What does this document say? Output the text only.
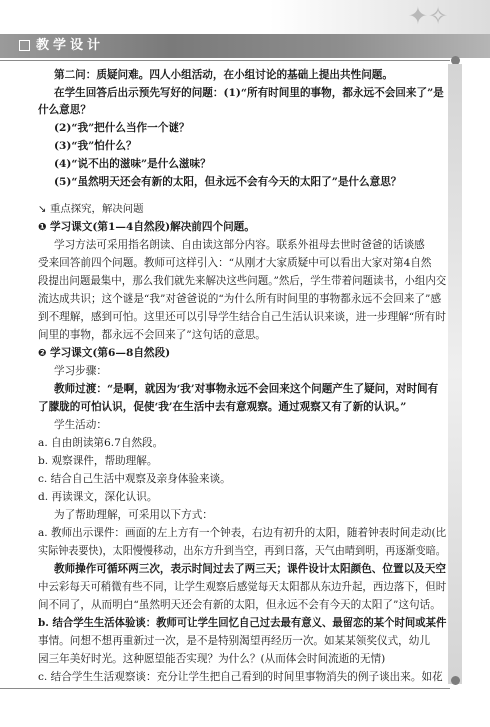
✦✧
教学设计
第二问：质疑问难。四人小组活动，在小组讨论的基础上提出共性问题。
在学生回答后出示预先写好的问题：(1)“所有时间里的事物，都永远不会回来了”是
什么意思？
(2)“我”把什么当作一个谜？
(3)“我”怕什么？
(4)“说不出的滋味”是什么滋味？
(5)“虽然明天还会有新的太阳，但永远不会有今天的太阳了”是什么意思？
↘ 重点探究，解决问题
❶ 学习课文(第1—4自然段)解决前四个问题。
学习方法可采用指名朗读、自由读这部分内容。联系外祖母去世时爸爸的话谈感
受来回答前四个问题。教师可这样引入：“从刚才大家质疑中可以看出大家对第4自然
段提出问题最集中，那么我们就先来解决这些问题。”然后，学生带着问题读书，小组内交
流达成共识；这个谜是“我”对爸爸说的“为什么所有时间里的事物都永远不会回来了”感
到不理解，感到可怕。这里还可以引导学生结合自己生活认识来谈，进一步理解“所有时
间里的事物，都永远不会回来了”这句话的意思。
❷ 学习课文(第6—8自然段)
学习步骤：
教师过渡：“是啊，就因为‘我’对事物永远不会回来这个问题产生了疑问，对时间有
了朦胧的可怕认识，促使‘我’在生活中去有意观察。通过观察又有了新的认识。”
学生活动：
a. 自由朗读第6.7自然段。
b. 观察课件，帮助理解。
c. 结合自己生活中观察及亲身体验来谈。
d. 再读课文，深化认识。
为了帮助理解，可采用以下方式：
a. 教师出示课件：画面的左上方有一个钟表，右边有初升的太阳，随着钟表时间走动(比
实际钟表要快)，太阳慢慢移动，出东方升到当空，再到日落，天气由晴到明，再逐渐变暗。
教师操作可循环两三次，表示时间过去了两三天；课件设计太阳颜色、位置以及天空
中云彩每天可稍微有些不同，让学生观察后感觉每天太阳都从东边升起，西边落下，但时
间不同了，从而明白“虽然明天还会有新的太阳，但永远不会有今天的太阳了”这句话。
b. 结合学生生活体验谈：教师可让学生回忆自己过去最有意义、最留恋的某个时间或某件
事情。问想不想再重新过一次，是不是特别渴望再经历一次。如某某领奖仪式，幼儿
园三年美好时光。这种愿望能否实现？为什么？(从而体会时间流逝的无情)
c. 结合学生生活观察谈：充分让学生把自己看到的时间里事物消失的例子谈出来。如花
